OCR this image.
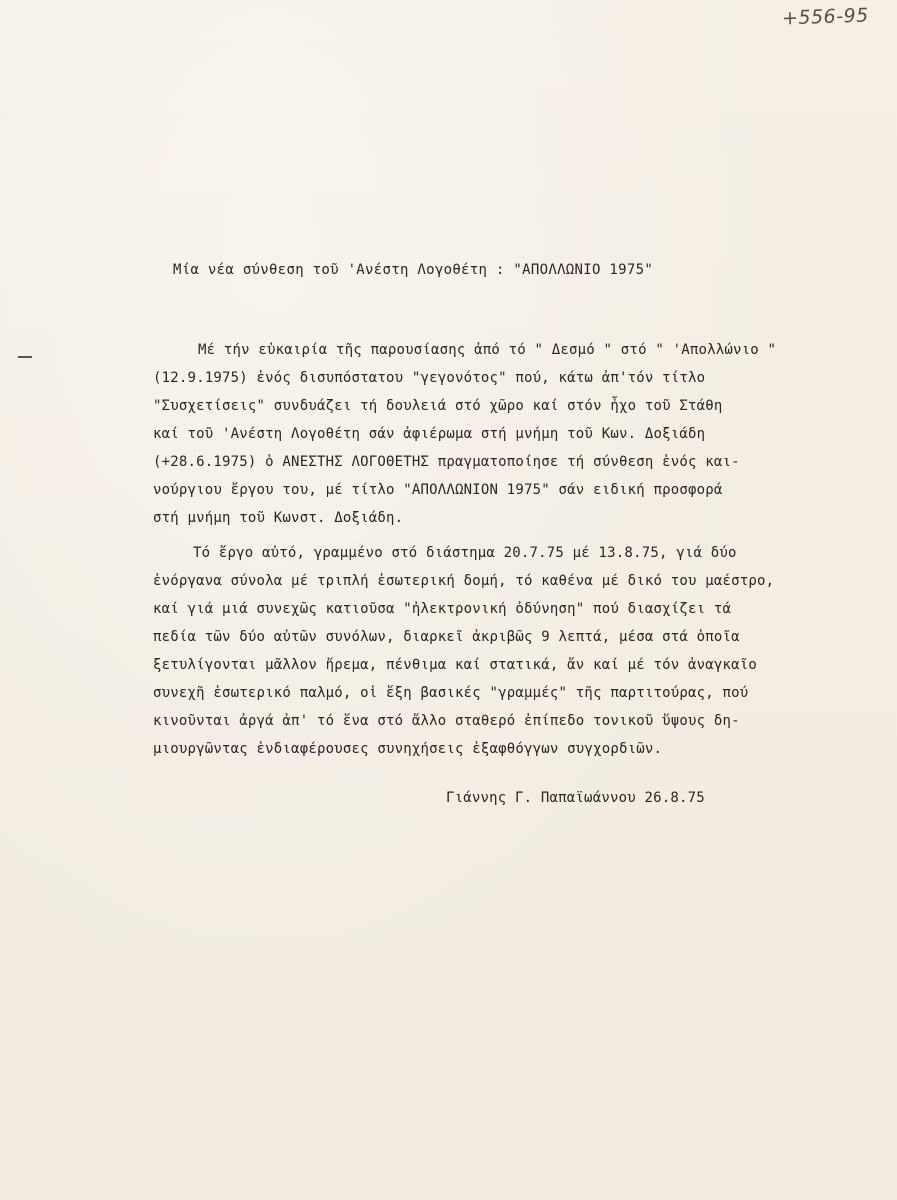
+556-95
Μία νέα σύνθεση τοῦ 'Ανέστη Λογοθέτη : "ΑΠΟΛΛΩΝΙΟ 1975"
Μέ τήν εὐκαιρία τῆς παρουσίασης ἀπό τό " Δεσμό " στό " 'Απολλώνιο "
(12.9.1975) ἑνός δισυπόστατου "γεγονότος" πού, κάτω ἀπ'τόν τίτλο
"Συσχετίσεις" συνδυάζει τή δουλειά στό χῶρο καί στόν ἦχο τοῦ Στάθη
καί τοῦ 'Ανέστη Λογοθέτη σάν ἀφιέρωμα στή μνήμη τοῦ Κων. Δοξιάδη
(+28.6.1975) ὁ ΑΝΕΣΤΗΣ ΛΟΓΟΘΕΤΗΣ πραγματοποίησε τή σύνθεση ἑνός και-
νούργιου ἔργου του, μέ τίτλο "ΑΠΟΛΛΩΝΙΟΝ 1975" σάν ειδική προσφορά
στή μνήμη τοῦ Κωνστ. Δοξιάδη.
Τό ἔργο αὐτό, γραμμένο στό διάστημα 20.7.75 μέ 13.8.75, γιά δύο
ἐνόργανα σύνολα μέ τριπλή ἐσωτερική δομή, τό καθένα μέ δικό του μαέστρο,
καί γιά μιά συνεχῶς κατιοῦσα "ἠλεκτρονική ὀδύνηση" πού διασχίζει τά
πεδία τῶν δύο αὐτῶν συνόλων, διαρκεῖ ἀκριβῶς 9 λεπτά, μέσα στά ὁποῖα
ξετυλίγονται μᾶλλον ἤρεμα, πένθιμα καί στατικά, ἄν καί μέ τόν ἀναγκαῖο
συνεχῆ ἐσωτερικό παλμό, οἱ ἕξη βασικές "γραμμές" τῆς παρτιτούρας, πού
κινοῦνται ἀργά ἀπ' τό ἕνα στό ἄλλο σταθερό ἐπίπεδο τονικοῦ ὕψους δη-
μιουργῶντας ἐνδιαφέρουσες συνηχήσεις ἐξαφθόγγων συγχορδιῶν.
Γιάννης Γ. Παπαϊωάννου 26.8.75
